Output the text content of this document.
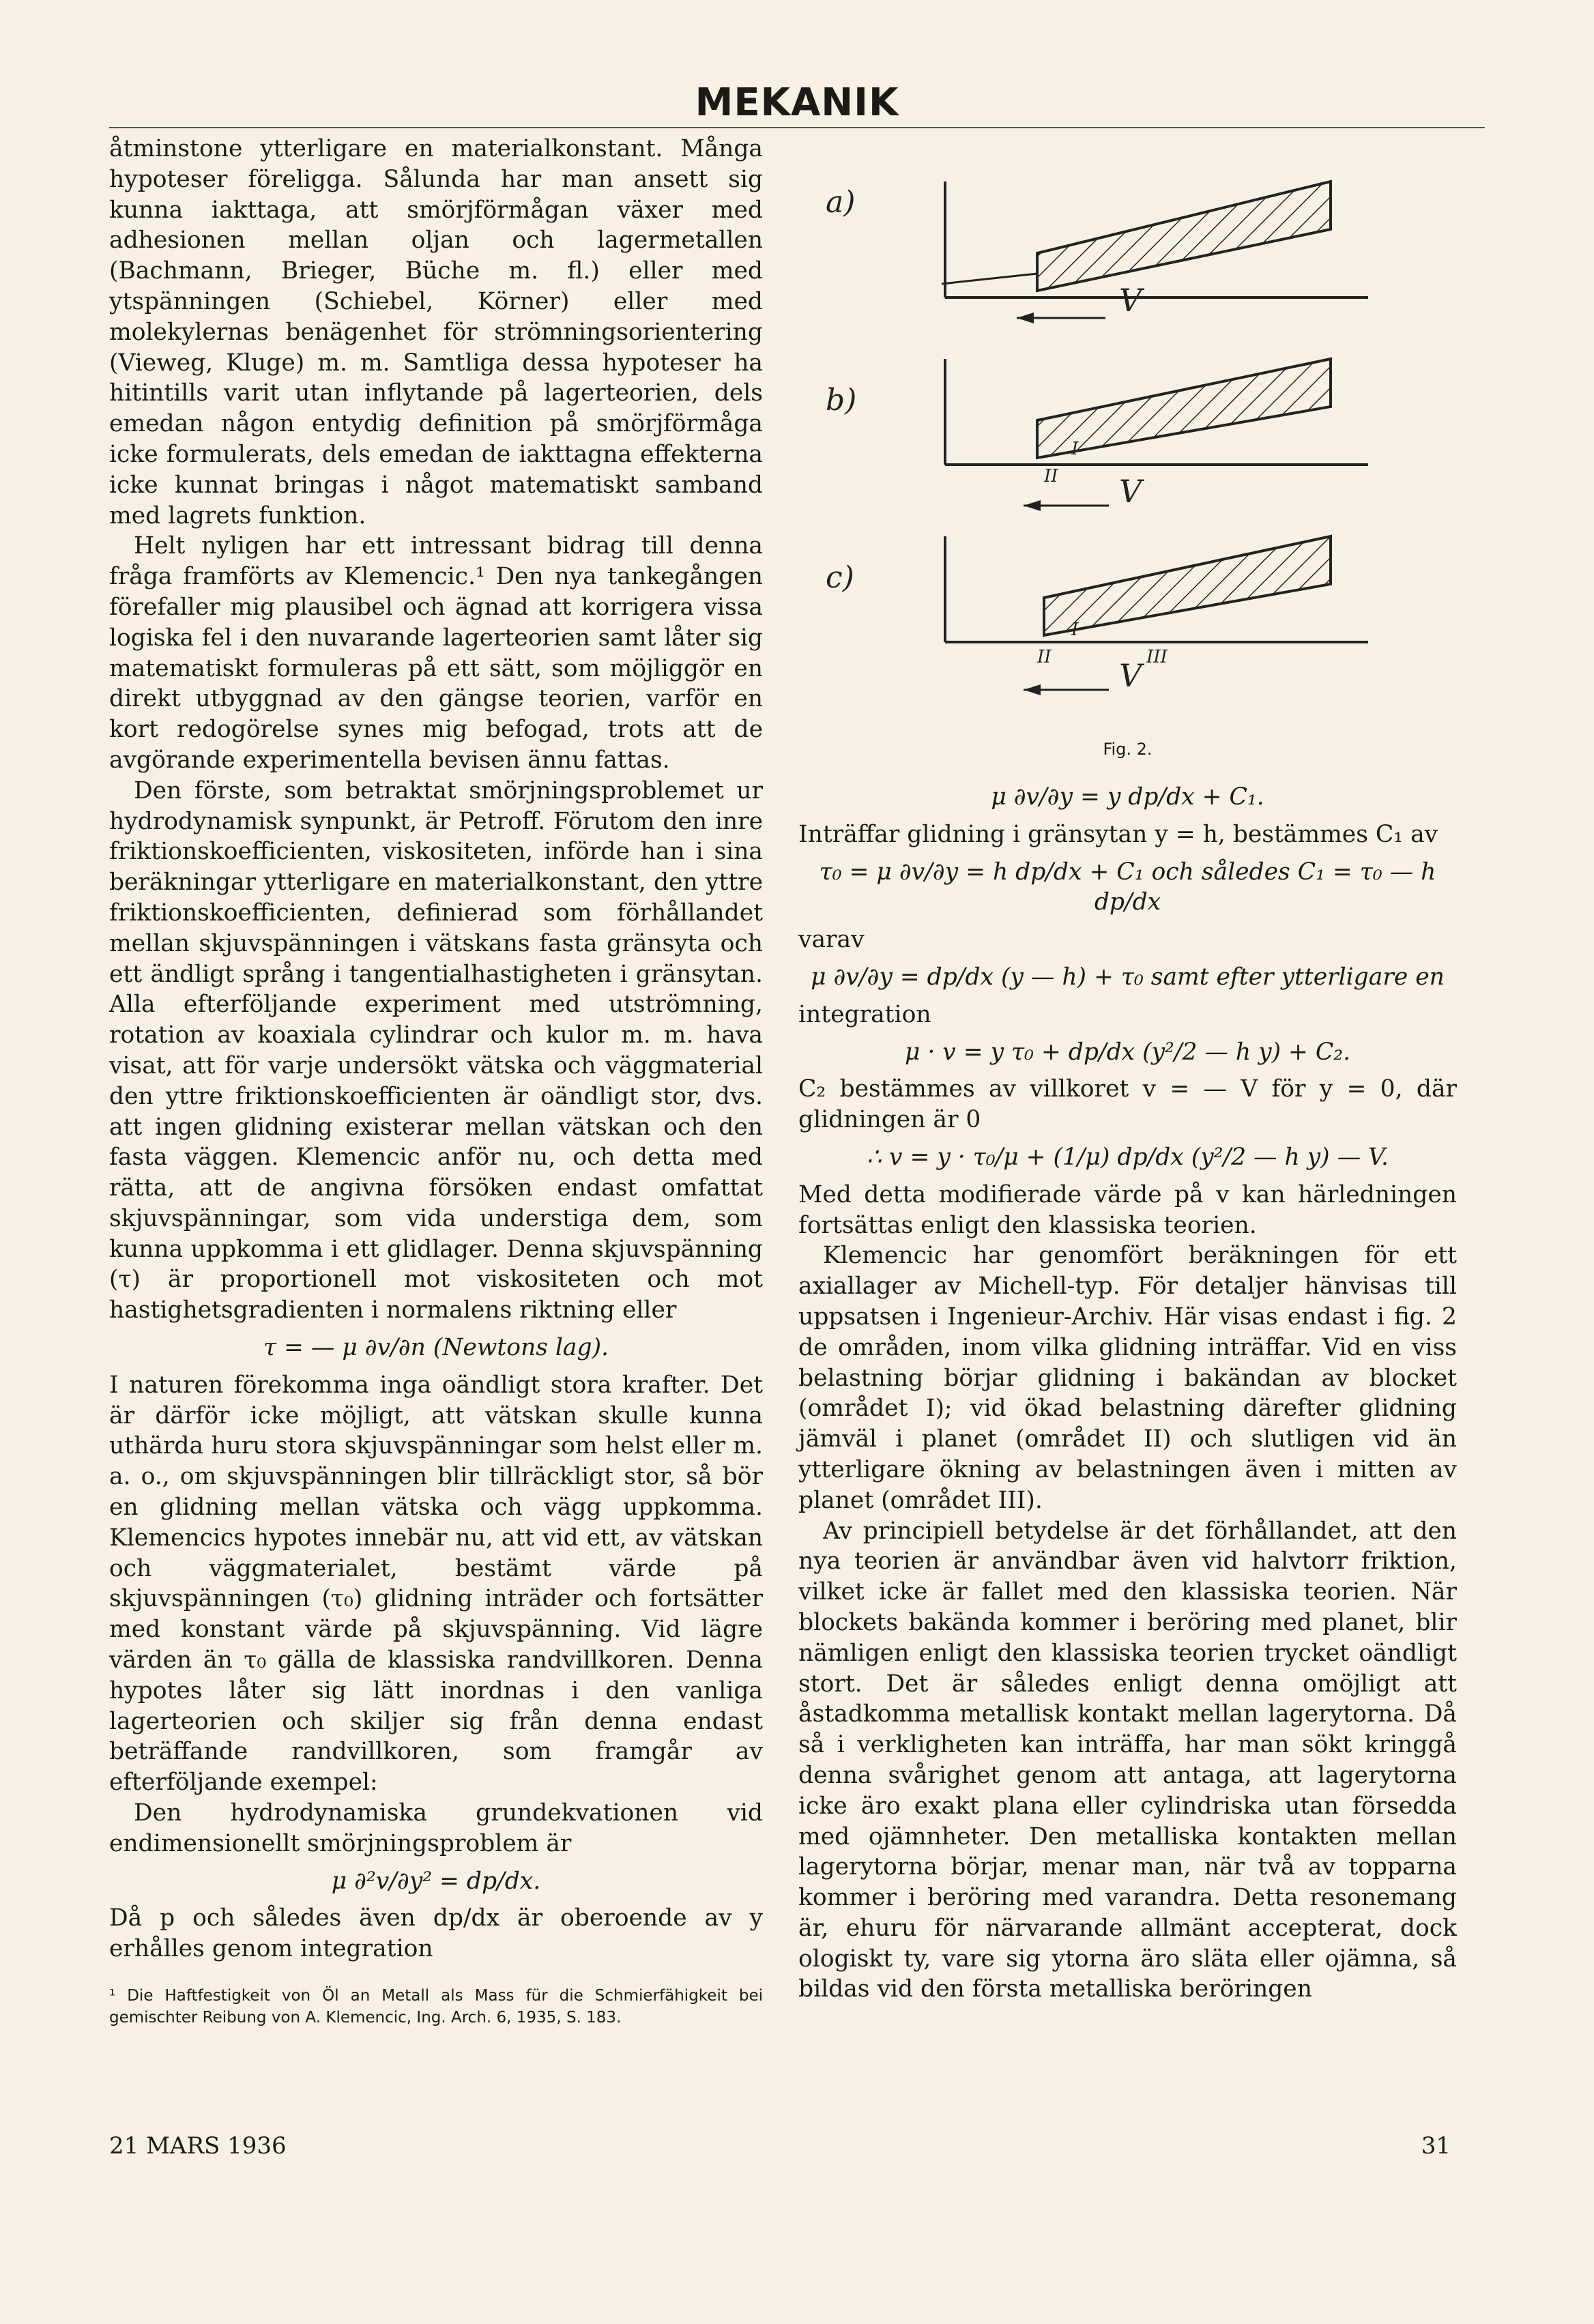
MEKANIK

åtminstone ytterligare en materialkonstant. Många hypoteser föreligga. Sålunda har man ansett sig kunna iakttaga, att smörjförmågan växer med adhesionen mellan oljan och lagermetallen (Bachmann, Brieger, Büche m. fl.) eller med ytspänningen (Schiebel, Körner) eller med molekylernas benägenhet för strömningsorientering (Vieweg, Kluge) m. m. Samtliga dessa hypoteser ha hitintills varit utan inflytande på lagerteorien, dels emedan någon entydig definition på smörjförmåga icke formulerats, dels emedan de iakttagna effekterna icke kunnat bringas i något matematiskt samband med lagrets funktion.

Helt nyligen har ett intressant bidrag till denna fråga framförts av Klemencic.¹ Den nya tankegången förefaller mig plausibel och ägnad att korrigera vissa logiska fel i den nuvarande lagerteorien samt låter sig matematiskt formuleras på ett sätt, som möjliggör en direkt utbyggnad av den gängse teorien, varför en kort redogörelse synes mig befogad, trots att de avgörande experimentella bevisen ännu fattas.

Den förste, som betraktat smörjningsproblemet ur hydrodynamisk synpunkt, är Petroff. Förutom den inre friktionskoefficienten, viskositeten, införde han i sina beräkningar ytterligare en materialkonstant, den yttre friktionskoefficienten, definierad som förhållandet mellan skjuvspänningen i vätskans fasta gränsyta och ett ändligt språng i tangentialhastigheten i gränsytan. Alla efterföljande experiment med utströmning, rotation av koaxiala cylindrar och kulor m. m. hava visat, att för varje undersökt vätska och väggmaterial den yttre friktionskoefficienten är oändligt stor, dvs. att ingen glidning existerar mellan vätskan och den fasta väggen. Klemencic anför nu, och detta med rätta, att de angivna försöken endast omfattat skjuvspänningar, som vida understiga dem, som kunna uppkomma i ett glidlager. Denna skjuvspänning (τ) är proportionell mot viskositeten och mot hastighetsgradienten i normalens riktning eller

τ = — μ ∂v/∂n (Newtons lag).

I naturen förekomma inga oändligt stora krafter. Det är därför icke möjligt, att vätskan skulle kunna uthärda huru stora skjuvspänningar som helst eller m. a. o., om skjuvspänningen blir tillräckligt stor, så bör en glidning mellan vätska och vägg uppkomma. Klemencics hypotes innebär nu, att vid ett, av vätskan och väggmaterialet, bestämt värde på skjuvspänningen (τ₀) glidning inträder och fortsätter med konstant värde på skjuvspänning. Vid lägre värden än τ₀ gälla de klassiska randvillkoren. Denna hypotes låter sig lätt inordnas i den vanliga lagerteorien och skiljer sig från denna endast beträffande randvillkoren, som framgår av efterföljande exempel:

Den hydrodynamiska grundekvationen vid endimensionellt smörjningsproblem är

μ ∂²v/∂y² = dp/dx.

Då p och således även dp/dx är oberoende av y erhålles genom integration

¹ Die Haftfestigkeit von Öl an Metall als Mass für die Schmierfähigkeit bei gemischter Reibung von A. Klemencic, Ing. Arch. 6, 1935, S. 183.
a)
V
b)
I
II V
c)
I
II	III
V
Fig. 2.
μ ∂v/∂y = y dp/dx + C₁.

Inträffar glidning i gränsytan y = h, bestämmes C₁ av

τ₀ = μ ∂v/∂y = h dp/dx + C₁ och således C₁ = τ₀ — h dp/dx

varav

μ ∂v/∂y = dp/dx (y — h) + τ₀ samt efter ytterligare en

integration

μ · v = y τ₀ + dp/dx (y²/2 — h y) + C₂.

C₂ bestämmes av villkoret v = — V för y = 0, där glidningen är 0

∴ v = y · τ₀/μ + (1/μ) dp/dx (y²/2 — h y) — V.

Med detta modifierade värde på v kan härledningen fortsättas enligt den klassiska teorien.

Klemencic har genomfört beräkningen för ett axiallager av Michell-typ. För detaljer hänvisas till uppsatsen i Ingenieur-Archiv. Här visas endast i fig. 2 de områden, inom vilka glidning inträffar. Vid en viss belastning börjar glidning i bakändan av blocket (området I); vid ökad belastning därefter glidning jämväl i planet (området II) och slutligen vid än ytterligare ökning av belastningen även i mitten av planet (området III).

Av principiell betydelse är det förhållandet, att den nya teorien är användbar även vid halvtorr friktion, vilket icke är fallet med den klassiska teorien. När blockets bakända kommer i beröring med planet, blir nämligen enligt den klassiska teorien trycket oändligt stort. Det är således enligt denna omöjligt att åstadkomma metallisk kontakt mellan lagerytorna. Då så i verkligheten kan inträffa, har man sökt kringgå denna svårighet genom att antaga, att lagerytorna icke äro exakt plana eller cylindriska utan försedda med ojämnheter. Den metalliska kontakten mellan lagerytorna börjar, menar man, när två av topparna kommer i beröring med varandra. Detta resonemang är, ehuru för närvarande allmänt accepterat, dock ologiskt ty, vare sig ytorna äro släta eller ojämna, så bildas vid den första metalliska beröringen

21 MARS 1936	31
